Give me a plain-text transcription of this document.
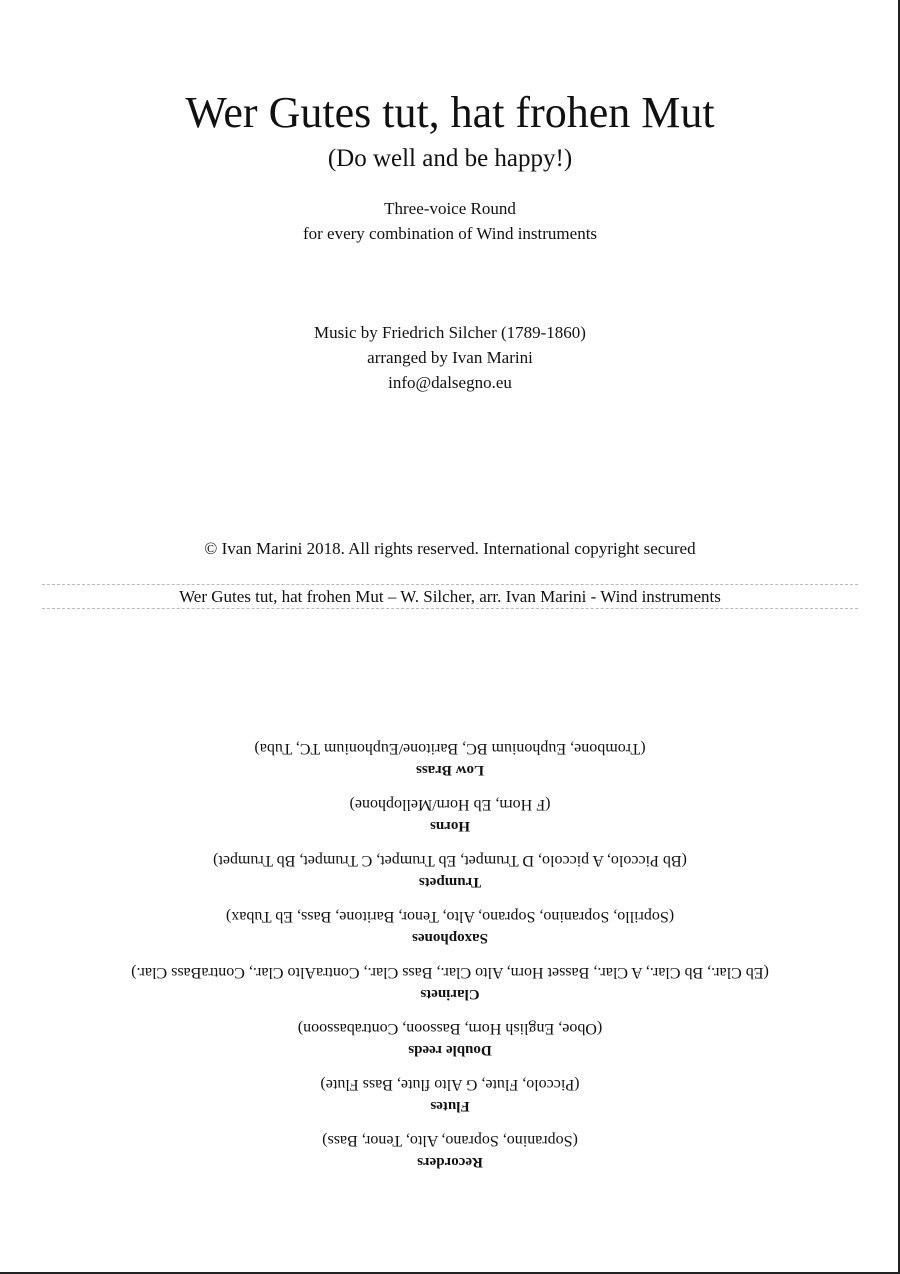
Wer Gutes tut, hat frohen Mut
(Do well and be happy!)
Three-voice Round
for every combination of Wind instruments
Music by Friedrich Silcher (1789-1860)
arranged by Ivan Marini
info@dalsegno.eu
© Ivan Marini 2018. All rights reserved. International copyright secured
Wer Gutes tut, hat frohen Mut – W. Silcher, arr. Ivan Marini - Wind instruments
Recorders
(Sopranino, Soprano, Alto, Tenor, Bass)
Flutes
(Piccolo, Flute, G Alto flute, Bass Flute)
Double reeds
(Oboe, English Horn, Bassoon, Contrabassoon)
Clarinets
(Eb Clar., Bb Clar., A Clar., Basset Horn, Alto Clar., Bass Clar., ContraAlto Clar., ContraBass Clar.)
Saxophones
(Soprillo, Sopranino, Soprano, Alto, Tenor, Baritone, Bass, Eb Tubax)
Trumpets
(Bb Piccolo, A piccolo, D Trumpet, Eb Trumpet, C Trumpet, Bb Trumpet)
Horns
(F Horn, Eb Horn/Mellophone)
Low Brass
(Trombone, Euphonium BC, Baritone/Euphonium TC, Tuba)
